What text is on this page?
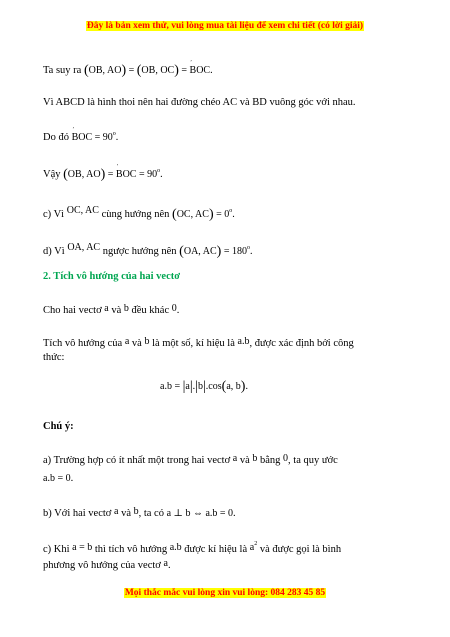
Đây là bản xem thử, vui lòng mua tài liệu để xem chi tiết (có lời giải)
Ta suy ra (OB, AO) = (OB, OC) = ′ BOC.
Vì ABCD là hình thoi nên hai đường chéo AC và BD vuông góc với nhau.
Do đó ′ BOC = $90^o$.
Vậy (OB, AO) = ′ BOC = $90^o$.
c) Vì OC, AC cùng hướng nên (OC, $AC) = 0^o$.
d) Vì OA, AC ngược hướng nên (OA, $AC) = 180^o$.
2. Tích vô hướng của hai vectơ
Cho hai vectơ a và b đều khác 0.
Tích vô hướng của a và b là một số, kí hiệu là a.b, được xác định bởi công
thức:
a.b = |a|.|b|.cos(a, b).
Chú ý:
a) Trường hợp có ít nhất một trong hai vectơ a và b bằng 0, ta quy ước
a.b = 0.
b) Với hai vectơ a và b, ta có a ⊥ b ⇔ a.b = 0.
c) Khi a = b thì tích vô hướng a.b được kí hiệu là $a^2$ và được gọi là bình
phương vô hướng của vectơ a.
Mọi thắc mắc vui lòng xin vui lòng: 084 283 45 85
